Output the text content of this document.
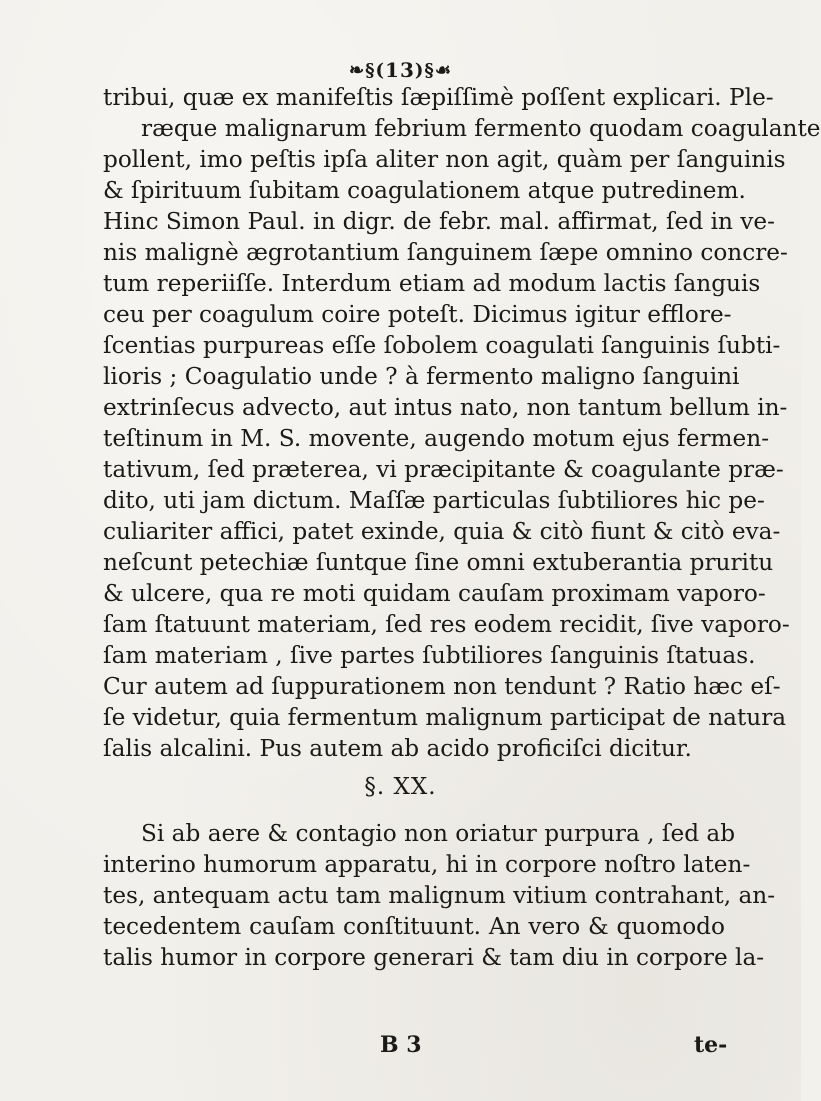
❧§(13)§☙
tribui, quæ ex manifeſtis ſæpiſſimè poſſent explicari. Ple-
ræque malignarum febrium fermento quodam coagulante
pollent, imo peſtis ipſa aliter non agit, quàm per ſanguinis
& ſpirituum ſubitam coagulationem atque putredinem.
Hinc Simon Paul. in digr. de febr. mal. affirmat, ſed in ve-
nis malignè ægrotantium ſanguinem ſæpe omnino concre-
tum reperiiſſe. Interdum etiam ad modum lactis ſanguis
ceu per coagulum coire poteſt. Dicimus igitur efflore-
ſcentias purpureas eſſe ſobolem coagulati ſanguinis ſubti-
lioris ; Coagulatio unde ? à fermento maligno ſanguini
extrinſecus advecto, aut intus nato, non tantum bellum in-
teſtinum in M. S. movente, augendo motum ejus fermen-
tativum, ſed præterea, vi præcipitante & coagulante præ-
dito, uti jam dictum. Maſſæ particulas ſubtiliores hic pe-
culiariter affici, patet exinde, quia & citò fiunt & citò eva-
neſcunt petechiæ ſuntque ſine omni extuberantia pruritu
& ulcere, qua re moti quidam cauſam proximam vaporo-
ſam ſtatuunt materiam, ſed res eodem recidit, ſive vaporo-
ſam materiam , ſive partes ſubtiliores ſanguinis ſtatuas.
Cur autem ad ſuppurationem non tendunt ? Ratio hæc eſ-
ſe videtur, quia fermentum malignum participat de natura
ſalis alcalini. Pus autem ab acido proficiſci dicitur.
§. XX.
Si ab aere & contagio non oriatur purpura , ſed ab
interino humorum apparatu, hi in corpore noſtro laten-
tes, antequam actu tam malignum vitium contrahant, an-
tecedentem cauſam conſtituunt. An vero & quomodo
talis humor in corpore generari & tam diu in corpore la-
B 3	te-
